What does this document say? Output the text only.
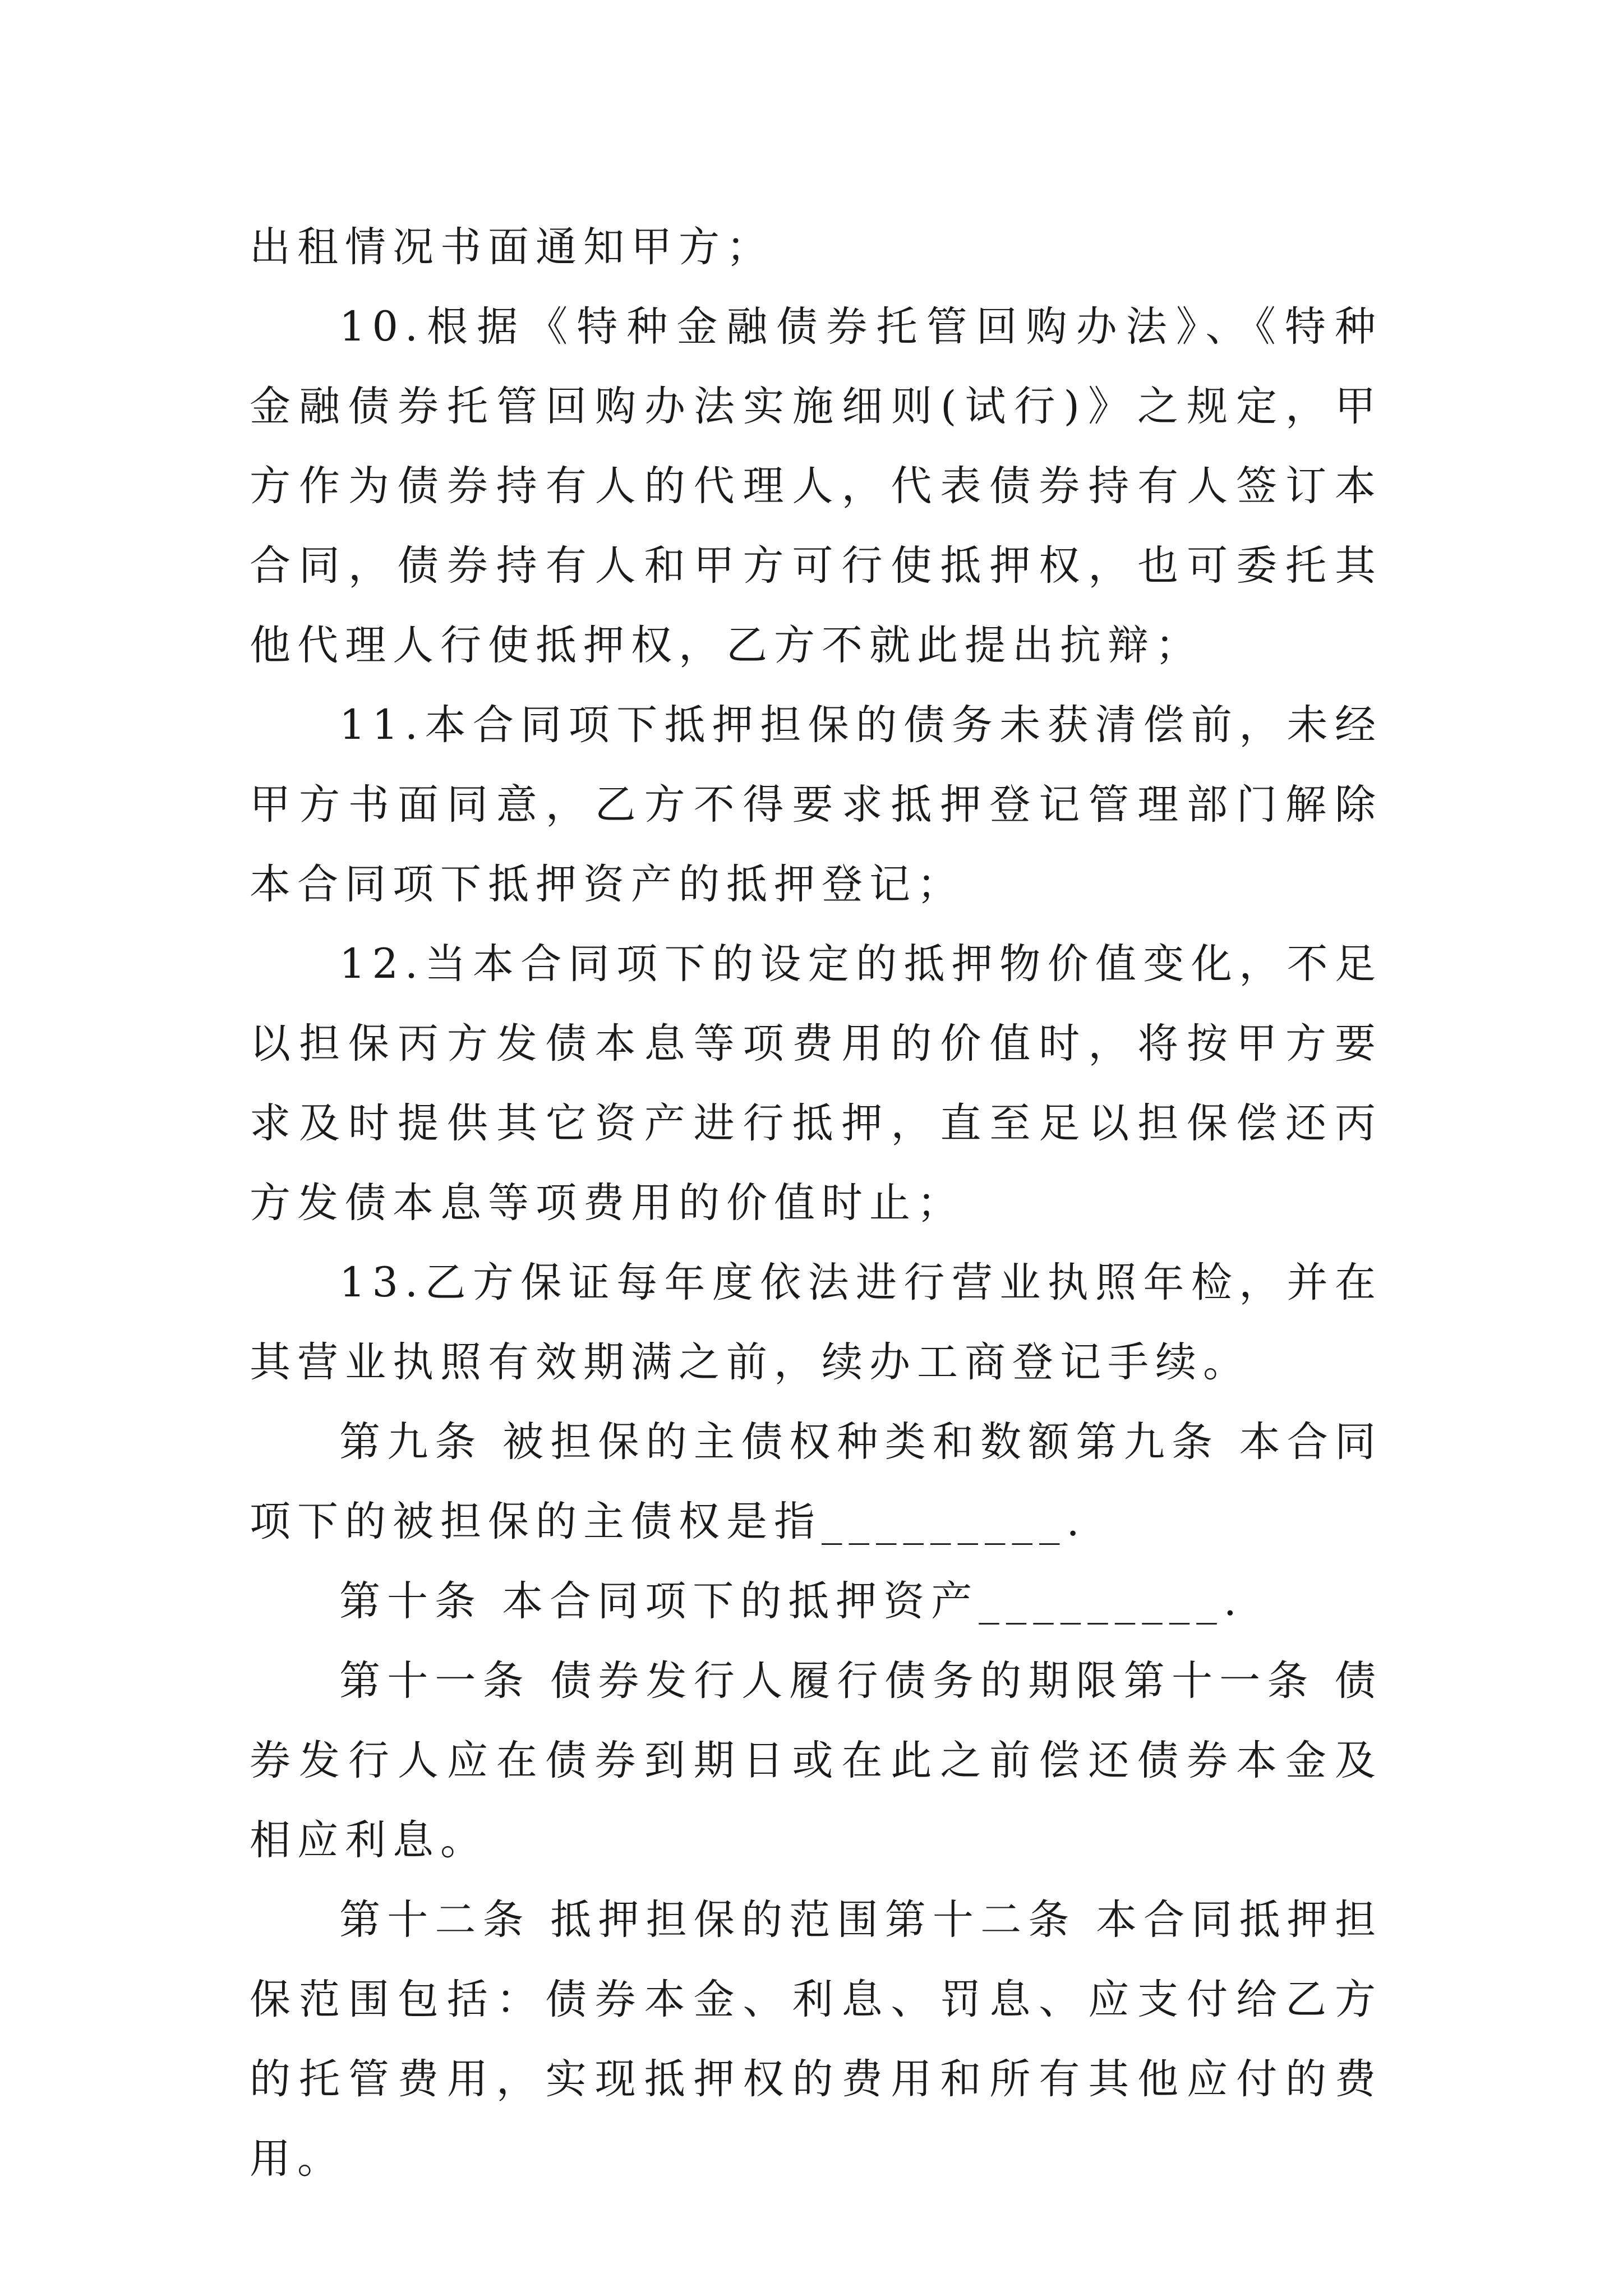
出租情况书面通知甲方；

10.根据《特种金融债券托管回购办法》、《特种金融债券托管回购办法实施细则(试行)》之规定，甲方作为债券持有人的代理人，代表债券持有人签订本合同，债券持有人和甲方可行使抵押权，也可委托其他代理人行使抵押权，乙方不就此提出抗辩；

11.本合同项下抵押担保的债务未获清偿前，未经甲方书面同意，乙方不得要求抵押登记管理部门解除本合同项下抵押资产的抵押登记；

12.当本合同项下的设定的抵押物价值变化，不足以担保丙方发债本息等项费用的价值时，将按甲方要求及时提供其它资产进行抵押，直至足以担保偿还丙方发债本息等项费用的价值时止；

13.乙方保证每年度依法进行营业执照年检，并在其营业执照有效期满之前，续办工商登记手续。

第九条 被担保的主债权种类和数额第九条 本合同项下的被担保的主债权是指_________.

第十条 本合同项下的抵押资产_________.

第十一条 债券发行人履行债务的期限第十一条 债券发行人应在债券到期日或在此之前偿还债券本金及相应利息。

第十二条 抵押担保的范围第十二条 本合同抵押担保范围包括：债券本金、利息、罚息、应支付给乙方的托管费用，实现抵押权的费用和所有其他应付的费用。
